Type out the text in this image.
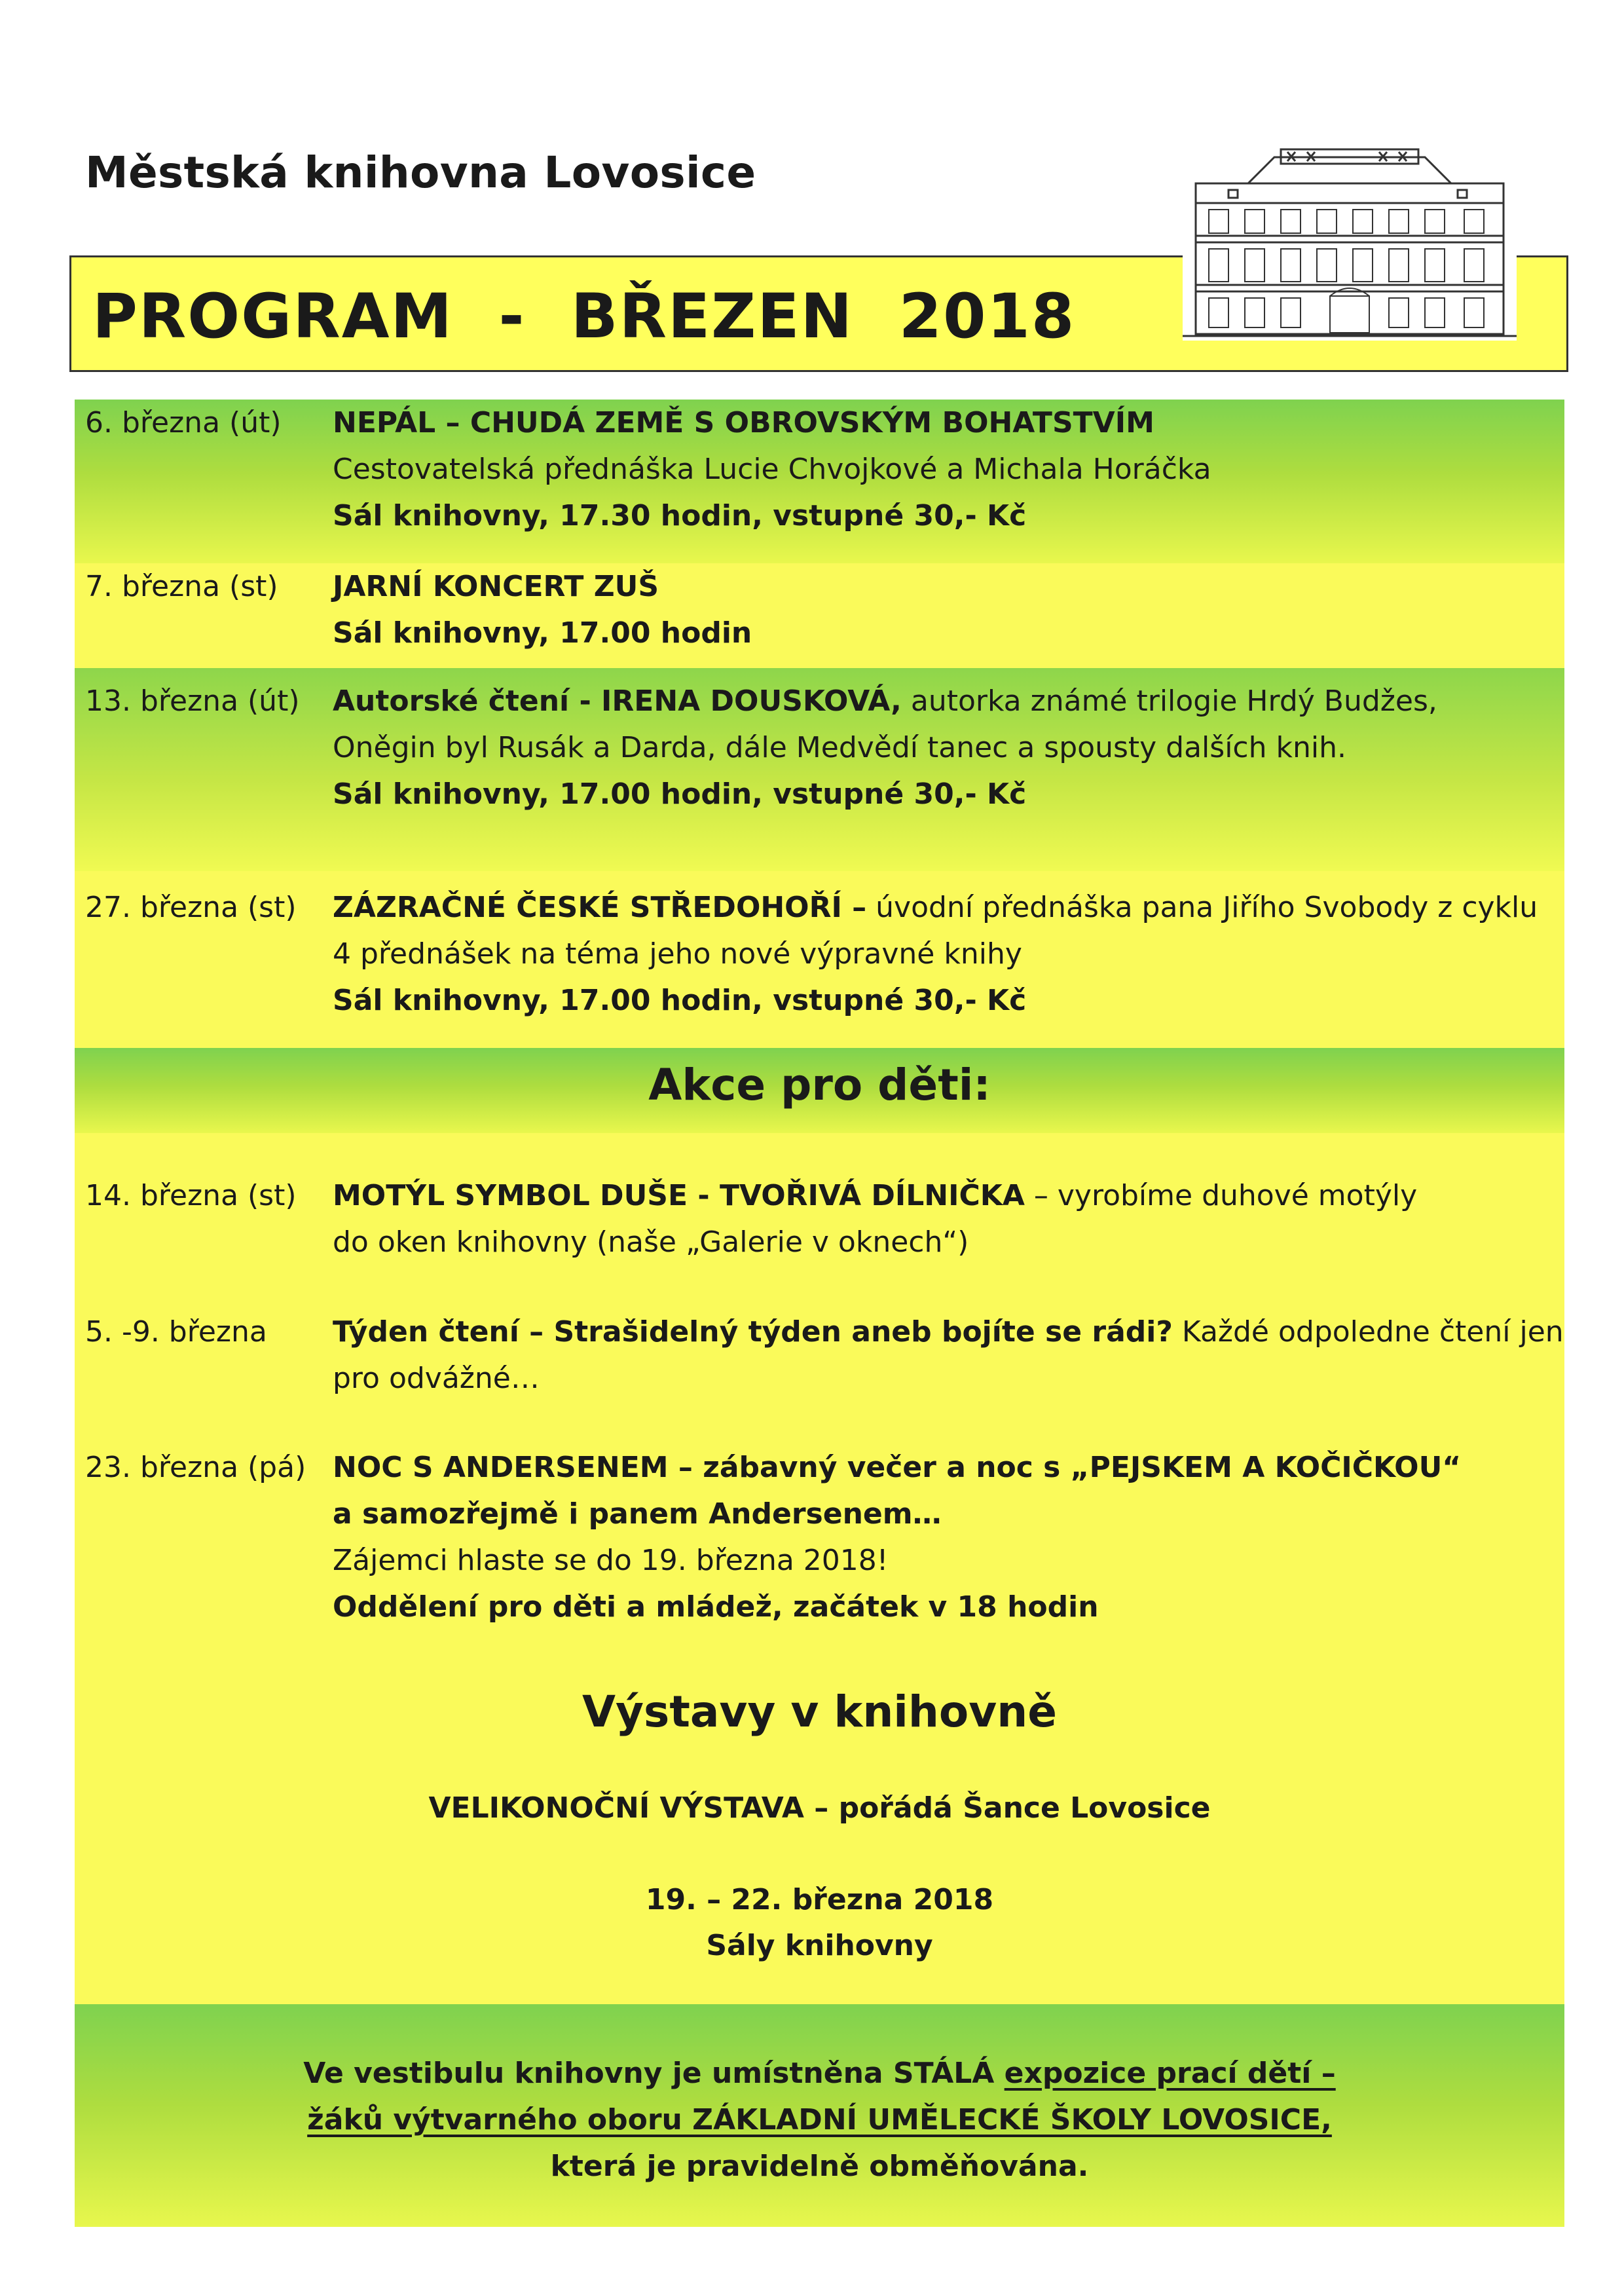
Městská knihovna Lovosice
PROGRAM  -  BŘEZEN  2018
6. března (út) NEPÁL – CHUDÁ ZEMĚ S OBROVSKÝM BOHATSTVÍM
Cestovatelská přednáška Lucie Chvojkové a Michala Horáčka
Sál knihovny, 17.30 hodin, vstupné 30,- Kč
7. března (st) JARNÍ KONCERT ZUŠ
Sál knihovny, 17.00 hodin
13. března (út) Autorské čtení - IRENA DOUSKOVÁ, autorka známé trilogie Hrdý Budžes,
Oněgin byl Rusák a Darda, dále Medvědí tanec a spousty dalších knih.
Sál knihovny, 17.00 hodin, vstupné 30,- Kč
27. března (st) ZÁZRAČNÉ ČESKÉ STŘEDOHOŘÍ – úvodní přednáška pana Jiřího Svobody z cyklu
4 přednášek na téma jeho nové výpravné knihy
Sál knihovny, 17.00 hodin, vstupné 30,- Kč
Akce pro děti:
14. března (st) MOTÝL SYMBOL DUŠE - TVOŘIVÁ DÍLNIČKA – vyrobíme duhové motýly
do oken knihovny (naše „Galerie v oknech“)
5. -9. března Týden čtení – Strašidelný týden aneb bojíte se rádi? Každé odpoledne čtení jen
pro odvážné…
23. března (pá) NOC S ANDERSENEM – zábavný večer a noc s „PEJSKEM A KOČIČKOU“
a samozřejmě i panem Andersenem…
Zájemci hlaste se do 19. března 2018!
Oddělení pro děti a mládež, začátek v 18 hodin
Výstavy v knihovně
VELIKONOČNÍ VÝSTAVA – pořádá Šance Lovosice
19. – 22. března 2018
Sály knihovny
Ve vestibulu knihovny je umístněna STÁLÁ expozice prací dětí –
žáků výtvarného oboru ZÁKLADNÍ UMĚLECKÉ ŠKOLY LOVOSICE,
která je pravidelně obměňována.
